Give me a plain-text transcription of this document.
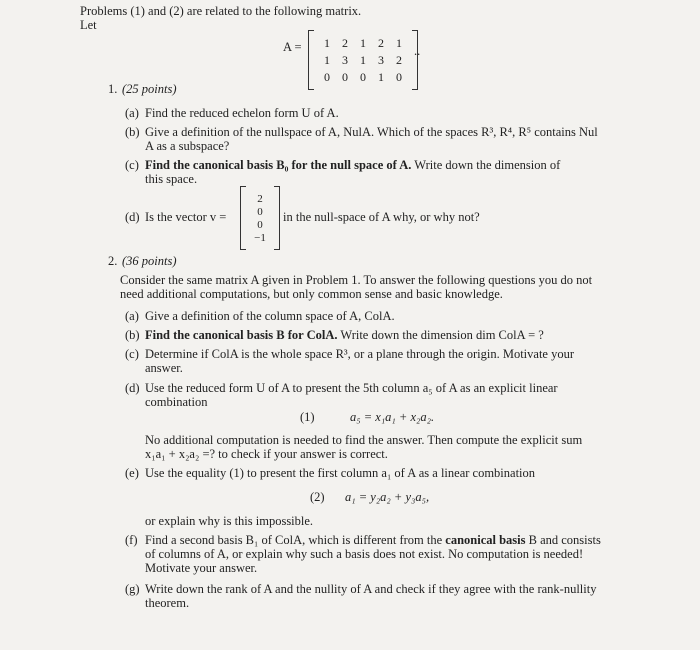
Problems (1) and (2) are related to the following matrix.
Let
A =	1	2	1	2	1
1	3	1	3	2
0	0	0	1	0
..
1. (25 points)
(a) Find the reduced echelon form U of A.
(b) Give a definition of the nullspace of A, NulA. Which of the spaces R³, R⁴, R⁵ contains Nul
A as a subspace?
(c) Find the canonical basis B₀ for the null space of A. Write down the dimension of
this space.
(d) Is the vector v =
2
0
0
−1
in the null-space of A why, or why not?
2. (36 points)
Consider the same matrix A given in Problem 1. To answer the following questions you do not
need additional computations, but only common sense and basic knowledge.
(a) Give a definition of the column space of A, ColA.
(b) Find the canonical basis B for ColA. Write down the dimension dim ColA = ?
(c) Determine if ColA is the whole space R³, or a plane through the origin. Motivate your
answer.
(d) Use the reduced form U of A to present the 5th column a₅ of A as an explicit linear
combination
(1)	a₅ = x₁a₁ + x₂a₂.
No additional computation is needed to find the answer. Then compute the explicit sum
x₁a₁ + x₂a₂ =? to check if your answer is correct.
(e) Use the equality (1) to present the first column a₁ of A as a linear combination
(2) a₁ = y₂a₂ + y₃a₅,
or explain why is this impossible.
(f) Find a second basis B₁ of ColA, which is different from the canonical basis B and consists
of columns of A, or explain why such a basis does not exist. No computation is needed!
Motivate your answer.
(g) Write down the rank of A and the nullity of A and check if they agree with the rank-nullity
theorem.
